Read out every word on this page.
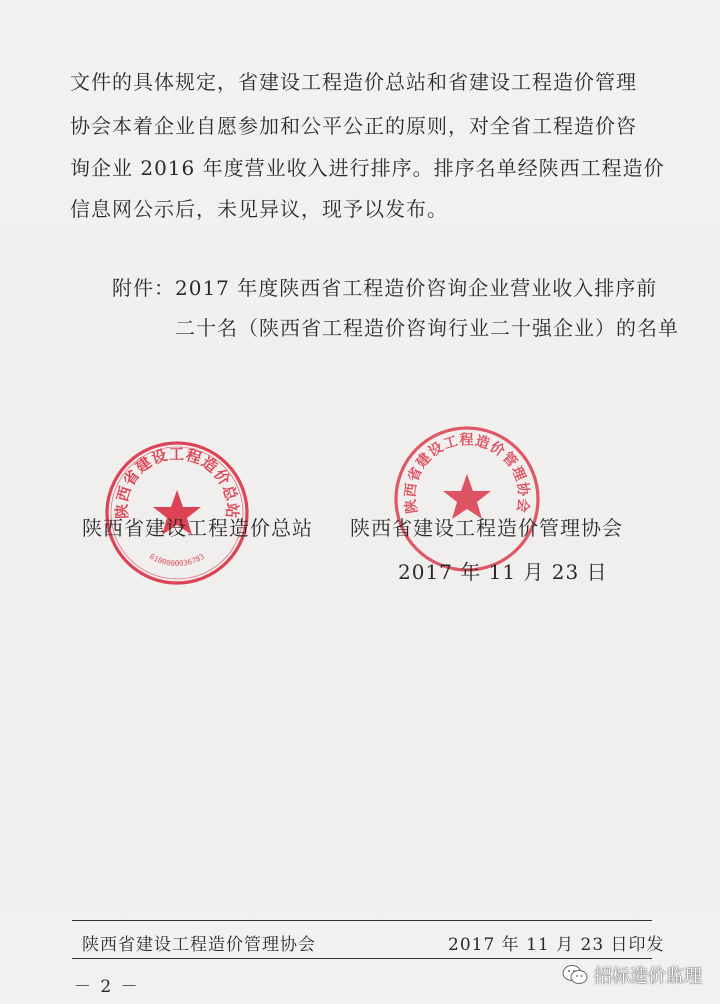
文件的具体规定，省建设工程造价总站和省建设工程造价管理
协会本着企业自愿参加和公平公正的原则，对全省工程造价咨
询企业 2016 年度营业收入进行排序。排序名单经陕西工程造价
信息网公示后，未见异议，现予以发布。
附件：2017 年度陕西省工程造价咨询企业营业收入排序前
二十名（陕西省工程造价咨询行业二十强企业）的名单
陕西省建设工程造价总站
6100000036783
陕西省建设工程造价管理协会
陕西省建设工程造价总站 陕西省建设工程造价管理协会
2017 年 11 月 23 日
陕西省建设工程造价管理协会	2017 年 11 月 23 日印发
－ 2 －	招标造价监理
